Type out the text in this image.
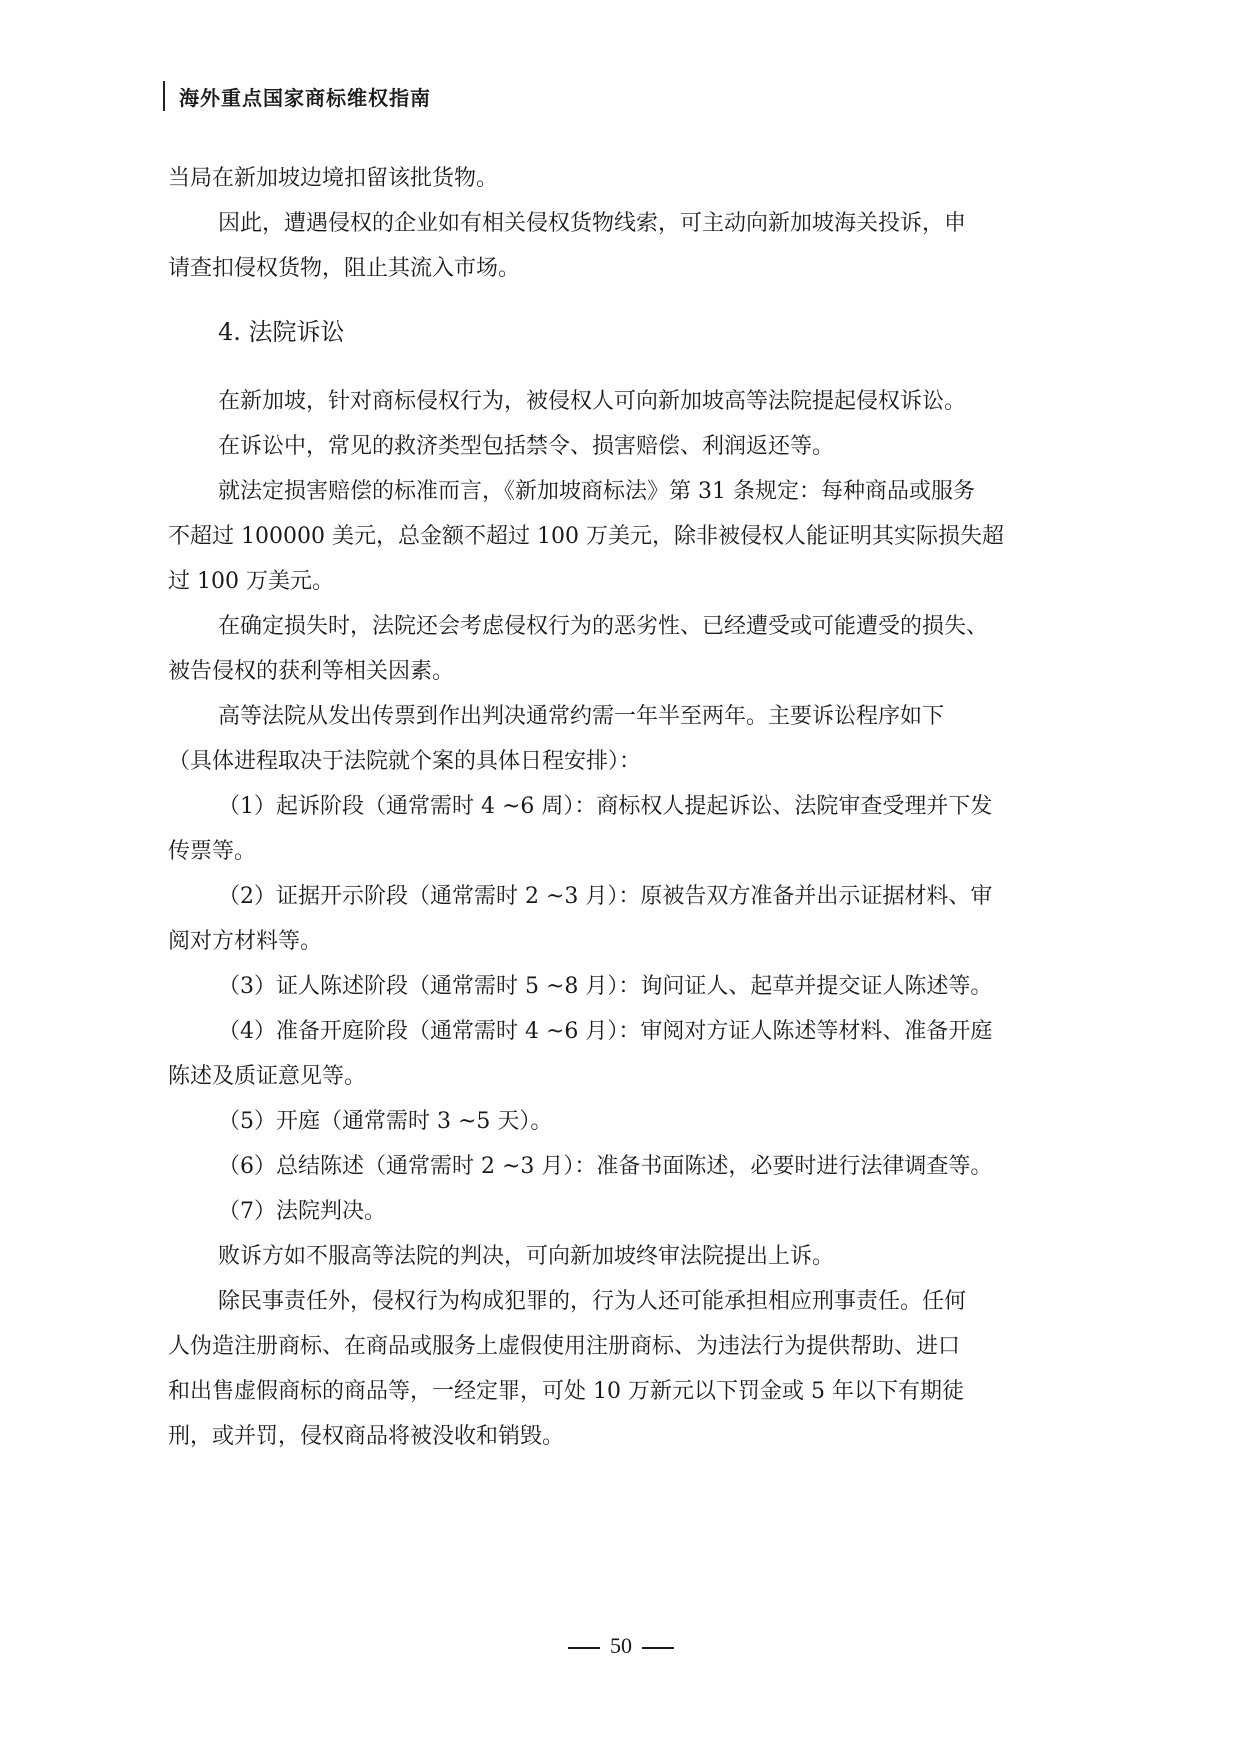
海外重点国家商标维权指南
当局在新加坡边境扣留该批货物。
因此，遭遇侵权的企业如有相关侵权货物线索，可主动向新加坡海关投诉，申
请查扣侵权货物，阻止其流入市场。
4. 法院诉讼
在新加坡，针对商标侵权行为，被侵权人可向新加坡高等法院提起侵权诉讼。
在诉讼中，常见的救济类型包括禁令、损害赔偿、利润返还等。
就法定损害赔偿的标准而言，《新加坡商标法》第 31 条规定：每种商品或服务
不超过 100000 美元，总金额不超过 100 万美元，除非被侵权人能证明其实际损失超
过 100 万美元。
在确定损失时，法院还会考虑侵权行为的恶劣性、已经遭受或可能遭受的损失、
被告侵权的获利等相关因素。
高等法院从发出传票到作出判决通常约需一年半至两年。主要诉讼程序如下
（具体进程取决于法院就个案的具体日程安排）：
（1）起诉阶段（通常需时 4 ~6 周）：商标权人提起诉讼、法院审查受理并下发
传票等。
（2）证据开示阶段（通常需时 2 ~3 月）：原被告双方准备并出示证据材料、审
阅对方材料等。
（3）证人陈述阶段（通常需时 5 ~8 月）：询问证人、起草并提交证人陈述等。
（4）准备开庭阶段（通常需时 4 ~6 月）：审阅对方证人陈述等材料、准备开庭
陈述及质证意见等。
（5）开庭（通常需时 3 ~5 天）。
（6）总结陈述（通常需时 2 ~3 月）：准备书面陈述，必要时进行法律调查等。
（7）法院判决。
败诉方如不服高等法院的判决，可向新加坡终审法院提出上诉。
除民事责任外，侵权行为构成犯罪的，行为人还可能承担相应刑事责任。任何
人伪造注册商标、在商品或服务上虚假使用注册商标、为违法行为提供帮助、进口
和出售虚假商标的商品等，一经定罪，可处 10 万新元以下罚金或 5 年以下有期徒
刑，或并罚，侵权商品将被没收和销毁。
50
